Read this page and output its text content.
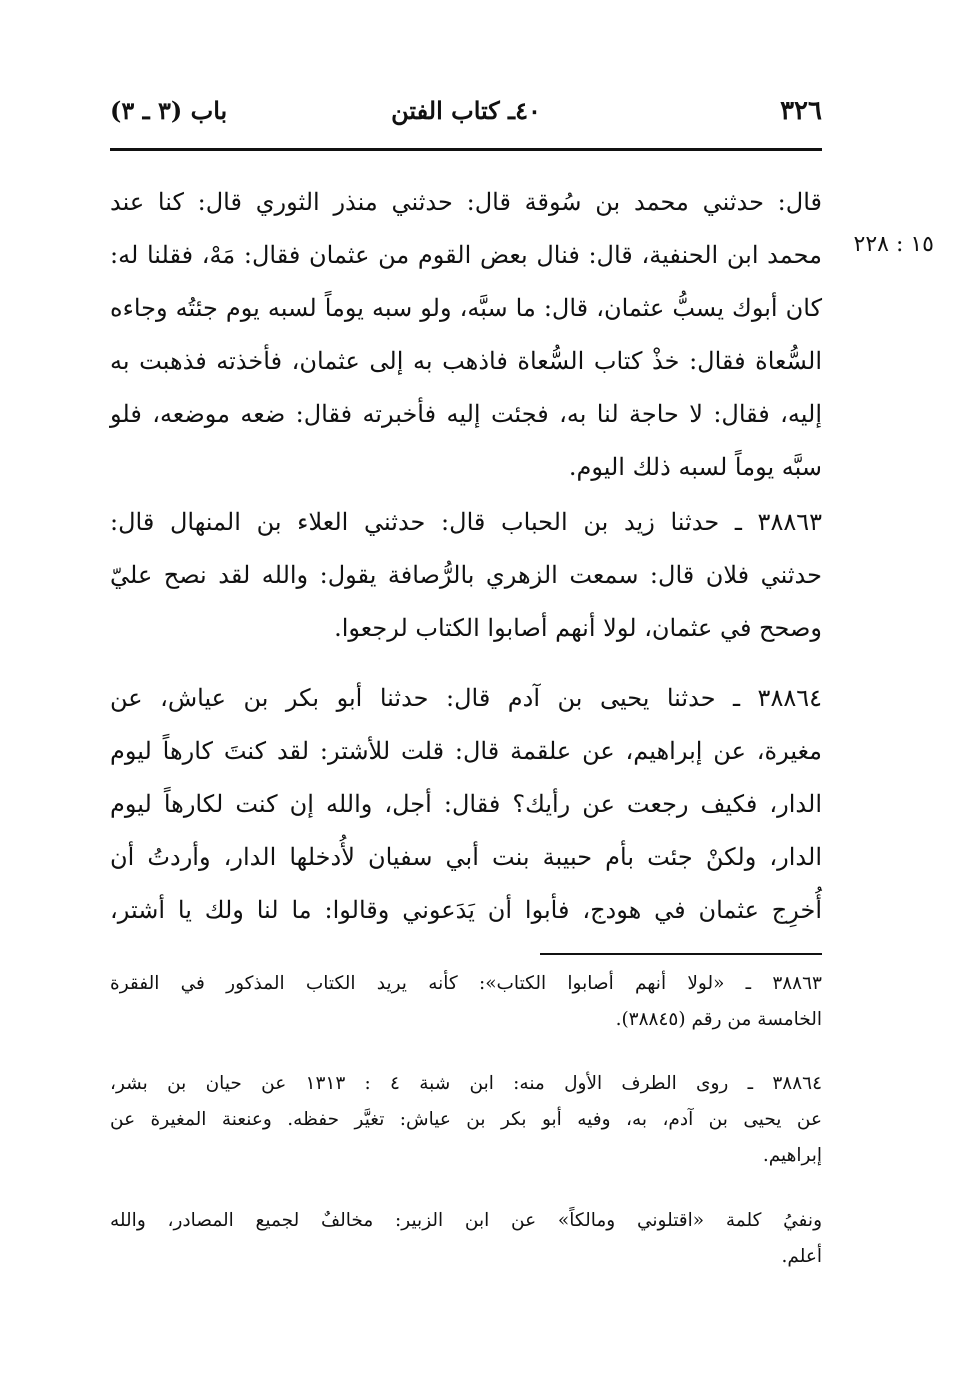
٣٢٦
٤٠ـ كتاب الفتن
باب (٣ ـ ٣)
١٥ : ٢٢٨
قال: حدثني محمد بن سُوقة قال: حدثني منذر الثوري قال: كنا عند
محمد ابن الحنفية، قال: فنال بعض القوم من عثمان فقال: مَهْ، فقلنا له:
كان أبوك يسبُّ عثمان، قال: ما سبَّه، ولو سبه يوماً لسبه يوم جئتُه وجاءه
السُّعاة فقال: خذْ كتاب السُّعاة فاذهب به إلى عثمان، فأخذته فذهبت به
إليه، فقال: لا حاجة لنا به، فجئت إليه فأخبرته فقال: ضعه موضعه، فلو
سبَّه يوماً لسبه ذلك اليوم.
٣٨٨٦٣ ـ حدثنا زيد بن الحباب قال: حدثني العلاء بن المنهال قال:
حدثني فلان قال: سمعت الزهري بالرُّصافة يقول: والله لقد نصح عليّ
وصحح في عثمان، لولا أنهم أصابوا الكتاب لرجعوا.
٣٨٨٦٤ ـ حدثنا يحيى بن آدم قال: حدثنا أبو بكر بن عياش، عن
مغيرة، عن إبراهيم، عن علقمة قال: قلت للأشتر: لقد كنتَ كارهاً ليوم
الدار، فكيف رجعت عن رأيك؟ فقال: أجل، والله إن كنت لكارهاً ليوم
الدار، ولكنْ جئت بأم حبيبة بنت أبي سفيان لأُدخلها الدار، وأردتُ أن
أُخرِج عثمان في هودج، فأبوا أن يَدَعوني وقالوا: ما لنا ولك يا أشتر،
٣٨٨٦٣ ـ «لولا أنهم أصابوا الكتاب»: كأنه يريد الكتاب المذكور في الفقرة
الخامسة من رقم (٣٨٨٤٥).
٣٨٨٦٤ ـ روى الطرف الأول منه: ابن شبة ٤ : ١٣١٣ عن حيان بن بشر،
عن يحيى بن آدم، به، وفيه أبو بكر بن عياش: تغيَّر حفظه. وعنعنة المغيرة عن
إبراهيم.
ونفيُ كلمة «اقتلوني ومالكاً» عن ابن الزبير: مخالفٌ لجميع المصادر، والله
أعلم.
